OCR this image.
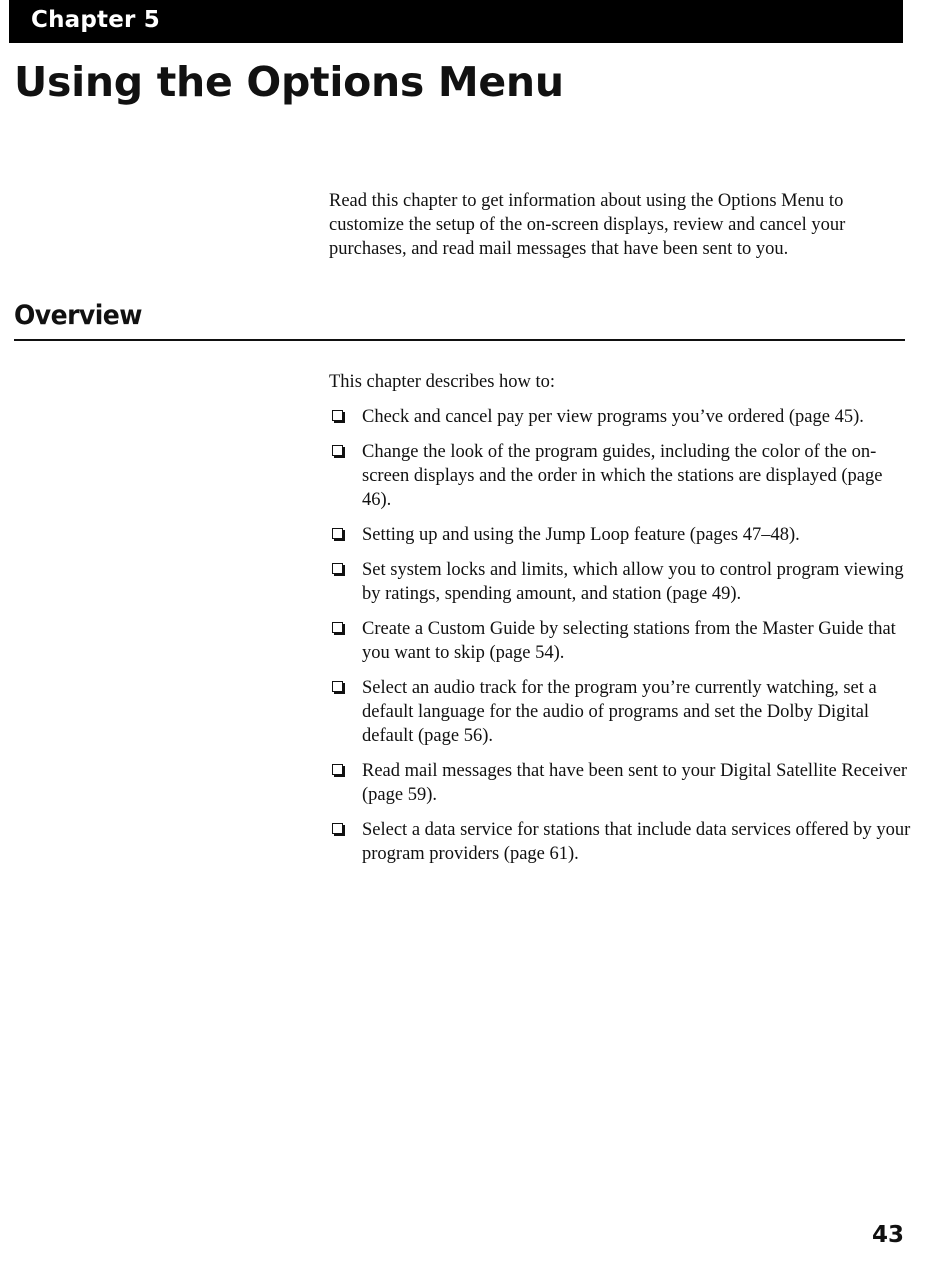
Chapter 5
Using the Options Menu

Read this chapter to get information about using the Options Menu to customize the setup of the on-screen displays, review and cancel your purchases, and read mail messages that have been sent to you.

Overview

This chapter describes how to:

Check and cancel pay per view programs you’ve ordered (page 45).
Change the look of the program guides, including the color of the on-screen displays and the order in which the stations are displayed (page 46).
Setting up and using the Jump Loop feature (pages 47–48).
Set system locks and limits, which allow you to control program viewing by ratings, spending amount, and station (page 49).
Create a Custom Guide by selecting stations from the Master Guide that you want to skip (page 54).
Select an audio track for the program you’re currently watching, set a default language for the audio of programs and set the Dolby Digital default (page 56).
Read mail messages that have been sent to your Digital Satellite Receiver (page 59).
Select a data service for stations that include data services offered by your program providers (page 61).
43
